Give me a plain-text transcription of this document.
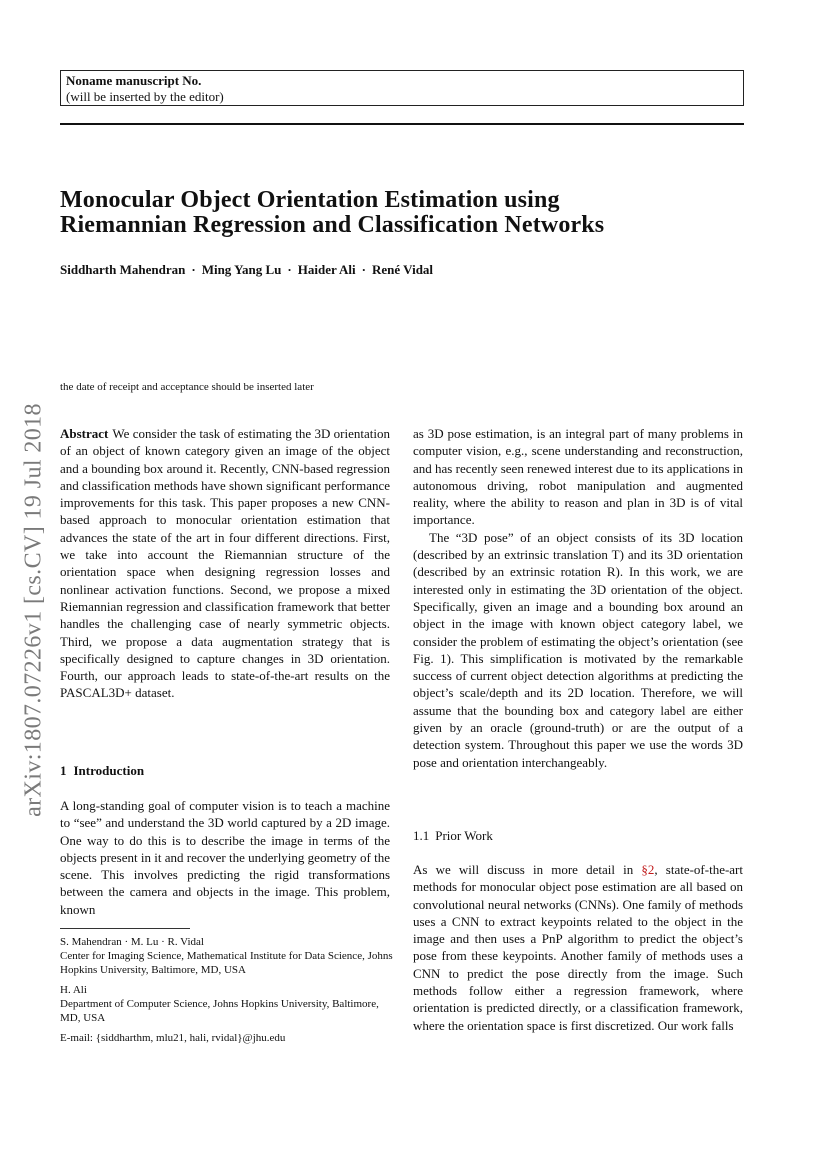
Noname manuscript No.
(will be inserted by the editor)
Monocular Object Orientation Estimation using
Riemannian Regression and Classification Networks
Siddharth Mahendran · Ming Yang Lu · Haider Ali · René Vidal
arXiv:1807.07226v1 [cs.CV] 19 Jul 2018
the date of receipt and acceptance should be inserted later

Abstract We consider the task of estimating the 3D orientation of an object of known category given an image of the object and a bounding box around it. Recently, CNN-based regression and classification methods have shown significant performance improvements for this task. This paper proposes a new CNN-based approach to monocular orientation estimation that advances the state of the art in four different directions. First, we take into account the Riemannian structure of the orientation space when designing regression losses and nonlinear activation functions. Second, we propose a mixed Riemannian regression and classification framework that better handles the challenging case of nearly symmetric objects. Third, we propose a data augmentation strategy that is specifically designed to capture changes in 3D orientation. Fourth, our approach leads to state-of-the-art results on the PASCAL3D+ dataset.

1 Introduction

A long-standing goal of computer vision is to teach a machine to “see” and understand the 3D world captured by a 2D image. One way to do this is to describe the image in terms of the objects present in it and recover the underlying geometry of the scene. This involves predicting the rigid transformations between the camera and objects in the image. This problem, known

as 3D pose estimation, is an integral part of many problems in computer vision, e.g., scene understanding and reconstruction, and has recently seen renewed interest due to its applications in autonomous driving, robot manipulation and augmented reality, where the ability to reason and plan in 3D is of vital importance.

The “3D pose” of an object consists of its 3D location (described by an extrinsic translation T) and its 3D orientation (described by an extrinsic rotation R). In this work, we are interested only in estimating the 3D orientation of the object. Specifically, given an image and a bounding box around an object in the image with known object category label, we consider the problem of estimating the object’s orientation (see Fig. 1). This simplification is motivated by the remarkable success of current object detection algorithms at predicting the object’s scale/depth and its 2D location. Therefore, we will assume that the bounding box and category label are either given by an oracle (ground-truth) or are the output of a detection system. Throughout this paper we use the words 3D pose and orientation interchangeably.

1.1 Prior Work

As we will discuss in more detail in §2, state-of-the-art methods for monocular object pose estimation are all based on convolutional neural networks (CNNs). One family of methods uses a CNN to extract keypoints related to the object in the image and then uses a PnP algorithm to predict the object’s pose from these keypoints. Another family of methods uses a CNN to predict the pose directly from the image. Such methods follow either a regression framework, where orientation is predicted directly, or a classification framework, where the orientation space is first discretized. Our work falls

S. Mahendran · M. Lu · R. Vidal
Center for Imaging Science, Mathematical Institute for Data Science, Johns Hopkins University, Baltimore, MD, USA

H. Ali
Department of Computer Science, Johns Hopkins University, Baltimore, MD, USA

E-mail: {siddharthm, mlu21, hali, rvidal}@jhu.edu
